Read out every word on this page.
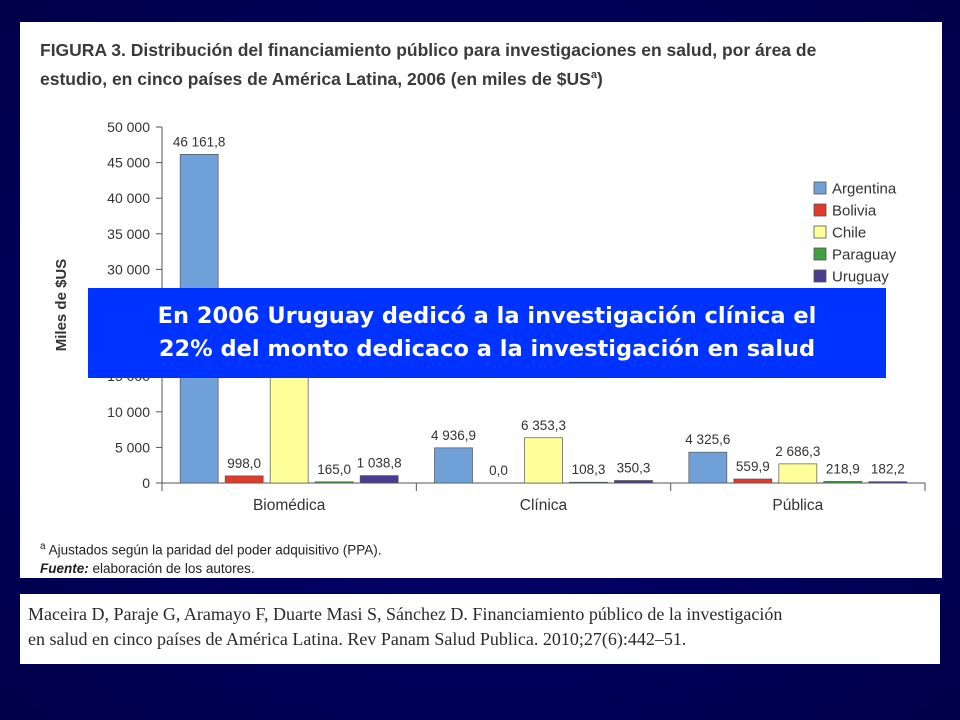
0
5 000
10 000
30 000
35 000
40 000
45 000
50 000
Miles de $US
46 161,8
998,0	165,0 1 038,8
Biomédica
4 936,9
0,0
6 353,3
108,3 350,3
Clínica
4 325,6
559,9
2 686,3
218,9 182,2
Pública
Argentina
Bolivia
Chile
Paraguay
Uruguay
FIGURA 3. Distribución del financiamiento público para investigaciones en salud, por área de
estudio, en cinco países de América Latina, 2006 (en miles de $\$US^a$)
$^a$ Ajustados según la paridad del poder adquisitivo (PPA).
Fuente: elaboración de los autores.
En 2006 Uruguay dedicó a la investigación clínica el
22% del monto dedicaco a la investigación en salud
Maceira D, Paraje G, Aramayo F, Duarte Masi S, Sánchez D. Financiamiento público de la investigación
en salud en cinco países de América Latina. Rev Panam Salud Publica. 2010;27(6):442–51.
